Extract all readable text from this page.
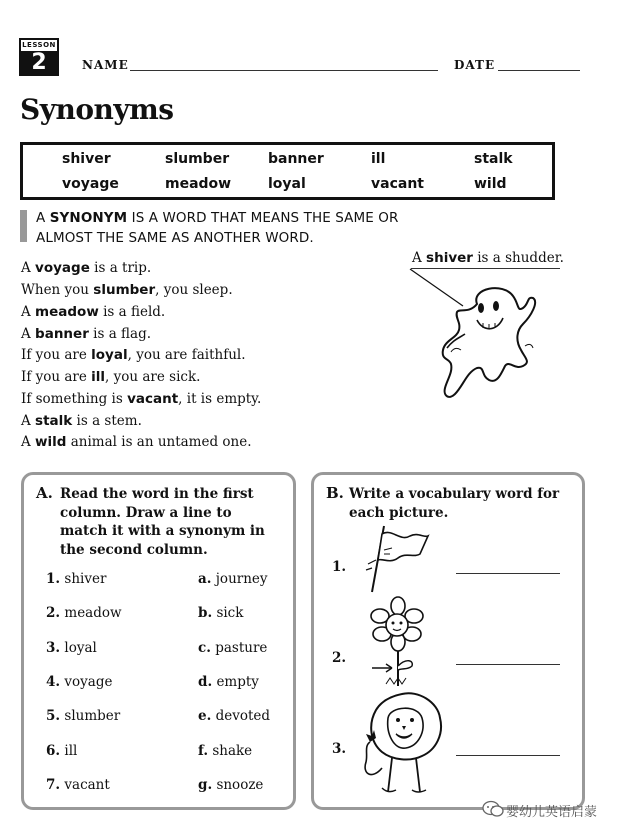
LESSON
2	NAME	DATE
Synonyms
shiver	slumber	banner	ill	stalk
voyage	meadow	loyal	vacant	wild
A SYNONYM IS A WORD THAT MEANS THE SAME OR
ALMOST THE SAME AS ANOTHER WORD.
A voyage is a trip.
When you slumber, you sleep.
A meadow is a field.
A banner is a flag.
If you are loyal, you are faithful.
If you are ill, you are sick.
If something is vacant, it is empty.
A stalk is a stem.
A wild animal is an untamed one.
A shiver is a shudder.
A. Read the word in the first
column. Draw a line to
match it with a synonym in
the second column.
1. shiver
2. meadow
3. loyal
4. voyage
5. slumber
6. ill
7. vacant
a. journey
b. sick
c. pasture
d. empty
e. devoted
f. shake
g. snooze
B. Write a vocabulary word for
each picture.
1.
2.
3.
婴幼儿英语启蒙
